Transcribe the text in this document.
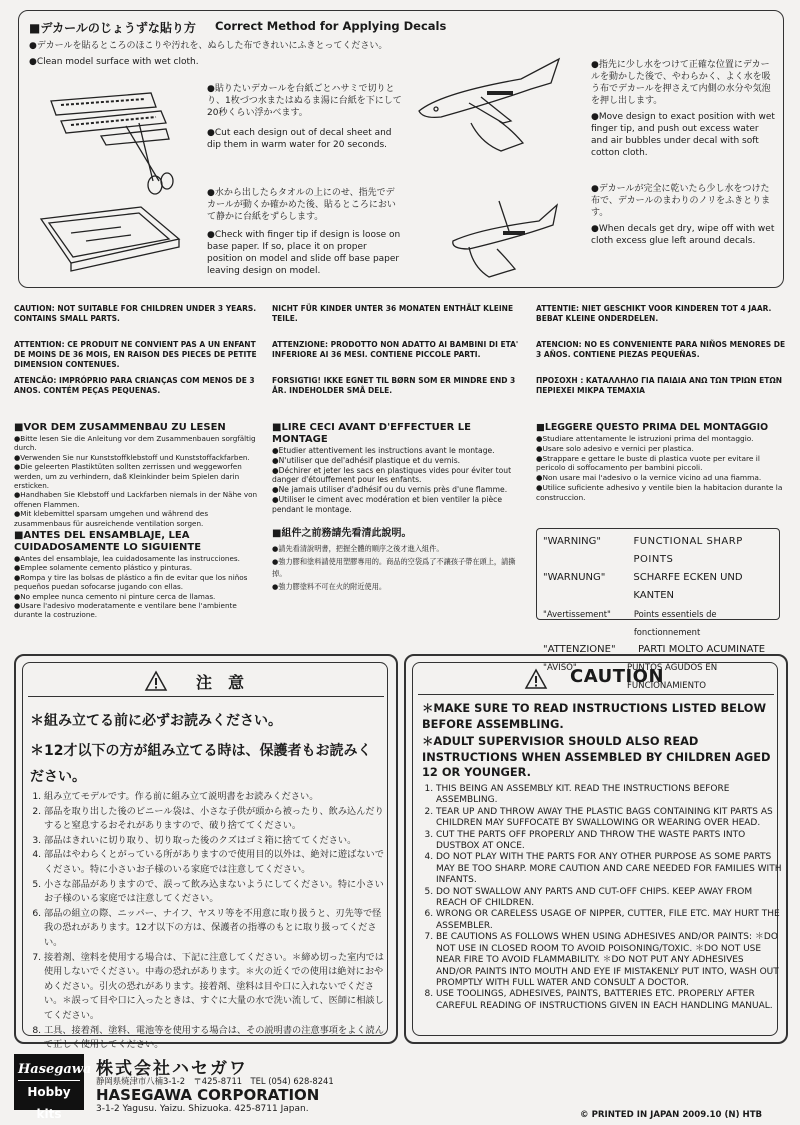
■デカールのじょうずな貼り方 Correct Method for Applying Decals
●デカールを貼るところのほこりや汚れを、ぬらした布できれいにふきとってください。
●Clean model surface with wet cloth.
●貼りたいデカールを台紙ごとハサミで切りとり、1枚づつ水またはぬるま湯に台紙を下にして20秒くらい浮かべます。
●Cut each design out of decal sheet and dip them in warm water for 20 seconds.
●水から出したらタオルの上にのせ、指先でデカールが動くか確かめた後、貼るところにおいて静かに台紙をずらします。
●Check with finger tip if design is loose on base paper. If so, place it on proper position on model and slide off base paper leaving design on model.
●指先に少し水をつけて正確な位置にデカールを動かした後で、やわらかく、よく水を吸う布でデカールを押さえて内側の水分や気泡を押し出します。
●Move design to exact position with wet finger tip, and push out excess water and air bubbles under decal with soft cotton cloth.
●デカールが完全に乾いたら少し水をつけた布で、デカールのまわりのノリをふきとります。
●When decals get dry, wipe off with wet cloth excess glue left around decals.
CAUTION: NOT SUITABLE FOR CHILDREN UNDER 3 YEARS. CONTAINS SMALL PARTS.
NICHT FÜR KINDER UNTER 36 MONATEN ENTHÄLT KLEINE TEILE.
ATTENTIE: NIET GESCHIKT VOOR KINDEREN TOT 4 JAAR. BEBAT KLEINE ONDERDELEN.
ATTENTION: CE PRODUIT NE CONVIENT PAS A UN ENFANT DE MOINS DE 36 MOIS, EN RAISON DES PIECES DE PETITE DIMENSION CONTENUES.
ATTENZIONE: PRODOTTO NON ADATTO AI BAMBINI DI ETA' INFERIORE AI 36 MESI. CONTIENE PICCOLE PARTI.
ATENCION: NO ES CONVENIENTE PARA NIÑOS MENORES DE 3 AÑOS. CONTIENE PIEZAS PEQUEÑAS.
ATENCÃO: IMPRÓPRIO PARA CRIANÇAS COM MENOS DE 3 ANOS. CONTÉM PEÇAS PEQUENAS.
FORSIGTIG! IKKE EGNET TIL BØRN SOM ER MINDRE END 3 ÅR. INDEHOLDER SMÅ DELE.
ΠΡΟΣΟΧΗ : ΚΑΤΑΛΛΗΛΟ ΓΙΑ ΠΑΙΔΙΑ ΑΝΩ ΤΩΝ ΤΡΙΩΝ ΕΤΩΝ ΠΕΡΙΕΧΕΙ ΜΙΚΡΑ ΤΕΜΑΧΙΑ
■VOR DEM ZUSAMMENBAU ZU LESEN

●Bitte lesen Sie die Anleitung vor dem Zusammenbauen sorgfältig durch.

●Verwenden Sie nur Kunststoffklebstoff und Kunststoffackfarben.

●Die geleerten Plastiktüten sollten zerrissen und weggeworfen werden, um zu verhindern, daß Kleinkinder beim Spielen darin ersticken.

●Handhaben Sie Klebstoff und Lackfarben niemals in der Nähe von offenen Flammen.

●Mit klebemittel sparsam umgehen und während des zusammenbaus für ausreichende ventilation sorgen.

■ANTES DEL ENSAMBLAJE, LEA CUIDADOSAMENTE LO SIGUIENTE

●Antes del ensamblaje, lea cuidadosamente las instrucciones.

●Emplee solamente cemento plástico y pinturas.

●Rompa y tire las bolsas de plástico a fin de evitar que los niños pequeños puedan sofocarse jugando con ellas.

●No emplee nunca cemento ni pinture cerca de llamas.

●Usare l'adesivo moderatamente e ventilare bene l'ambiente durante la costruzione.

■LIRE CECI AVANT D'EFFECTUER LE MONTAGE

●Etudier attentivement les instructions avant le montage.

●N'utiliser que del'adhésif plastique et du vernis.

●Déchirer et jeter les sacs en plastiques vides pour éviter tout danger d'étouffement pour les enfants.

●Ne jamais utiliser d'adhésif ou du vernis près d'une flamme.

●Utiliser le ciment avec modération et bien ventiler la pièce pendant le montage.

■組件之前務請先看清此說明。

●請先看清說明書，把握全體的順序之後才進入組件。

●強力膠和塗料請使用塑膠專用的。商品的空袋爲了不讓孩子帶在頭上，請撕掉。

●強力膠塗料不可在火的附近使用。

■LEGGERE QUESTO PRIMA DEL MONTAGGIO

●Studiare attentamente le istruzioni prima del montaggio.

●Usare solo adesivo e vernici per plastica.

●Strappare e gettare le buste di plastica vuote per evitare il pericolo di soffocamento per bambini piccoli.

●Non usare mai l'adesivo o la vernice vicino ad una fiamma.

●Utilice suficiente adhesivo y ventile bien la habitacion durante la construccion.

"WARNING"	FUNCTIONAL SHARP POINTS
"WARNUNG"	SCHARFE ECKEN UND KANTEN
"Avertissement"	Points essentiels de fonctionnement
"ATTENZIONE"	PARTI MOLTO ACUMINATE
"AVISO"	PUNTOS AGUDOS EN FUNCIONAMIENTO
注　意
＊組み立てる前に必ずお読みください。
＊12才以下の方が組み立てる時は、保護者もお読みください。
1. 組み立てモデルです。作る前に組み立て説明書をお読みください。
2. 部品を取り出した後のビニール袋は、小さな子供が頭から被ったり、飲み込んだりすると窒息するおそれがありますので、破り捨ててください。
3. 部品はきれいに切り取り、切り取った後のクズはゴミ箱に捨ててください。
4. 部品はやわらくとがっている所がありますので使用目的以外は、絶対に遊ばないでください。特に小さいお子様のいる家庭では注意してください。
5. 小さな部品がありますので、誤って飲み込まないようにしてください。特に小さいお子様のいる家庭では注意してください。
6. 部品の組立の際、ニッパー、ナイフ、ヤスリ等を不用意に取り扱うと、刃先等で怪我の恐れがあります。12才以下の方は、保護者の指導のもとに取り扱ってください。
7. 接着剤、塗料を使用する場合は、下記に注意してください。＊締め切った室内では使用しないでください。中毒の恐れがあります。＊火の近くでの使用は絶対におやめください。引火の恐れがあります。接着剤、塗料は目や口に入れないでください。＊誤って目や口に入ったときは、すぐに大量の水で洗い流して、医師に相談してください。
8. 工具、接着剤、塗料、電池等を使用する場合は、その説明書の注意事項をよく読んで正しく使用してください。
CAUTION
＊MAKE SURE TO READ INSTRUCTIONS LISTED BELOW BEFORE ASSEMBLING.
＊ADULT SUPERVISIOR SHOULD ALSO READ INSTRUCTIONS WHEN ASSEMBLED BY CHILDREN AGED 12 OR YOUNGER.
1. THIS BEING AN ASSEMBLY KIT. READ THE INSTRUCTIONS BEFORE ASSEMBLING.
2. TEAR UP AND THROW AWAY THE PLASTIC BAGS CONTAINING KIT PARTS AS CHILDREN MAY SUFFOCATE BY SWALLOWING OR WEARING OVER HEAD.
3. CUT THE PARTS OFF PROPERLY AND THROW THE WASTE PARTS INTO DUSTBOX AT ONCE.
4. DO NOT PLAY WITH THE PARTS FOR ANY OTHER PURPOSE AS SOME PARTS MAY BE TOO SHARP. MORE CAUTION AND CARE NEEDED FOR FAMILIES WITH INFANTS.
5. DO NOT SWALLOW ANY PARTS AND CUT-OFF CHIPS. KEEP AWAY FROM REACH OF CHILDREN.
6. WRONG OR CARELESS USAGE OF NIPPER, CUTTER, FILE ETC. MAY HURT THE ASSEMBLER.
7. BE CAUTIONS AS FOLLOWS WHEN USING ADHESIVES AND/OR PAINTS: ＊DO NOT USE IN CLOSED ROOM TO AVOID POISONING/TOXIC. ＊DO NOT USE NEAR FIRE TO AVOID FLAMMABILITY. ＊DO NOT PUT ANY ADHESIVES AND/OR PAINTS INTO MOUTH AND EYE IF MISTAKENLY PUT INTO, WASH OUT PROMPTLY WITH FULL WATER AND CONSULT A DOCTOR.
8. USE TOOLINGS, ADHESIVES, PAINTS, BATTERIES ETC. PROPERLY AFTER CAREFUL READING OF INSTRUCTIONS GIVEN IN EACH HANDLING MANUAL.
Hasegawa
Hobby kits
株式会社ハセガワ
静岡県焼津市八楠3-1-2　〒425-8711　TEL (054) 628-8241
HASEGAWA CORPORATION
3-1-2 Yagusu. Yaizu. Shizuoka. 425-8711 Japan.
© PRINTED IN JAPAN 2009.10 (N) HTB
